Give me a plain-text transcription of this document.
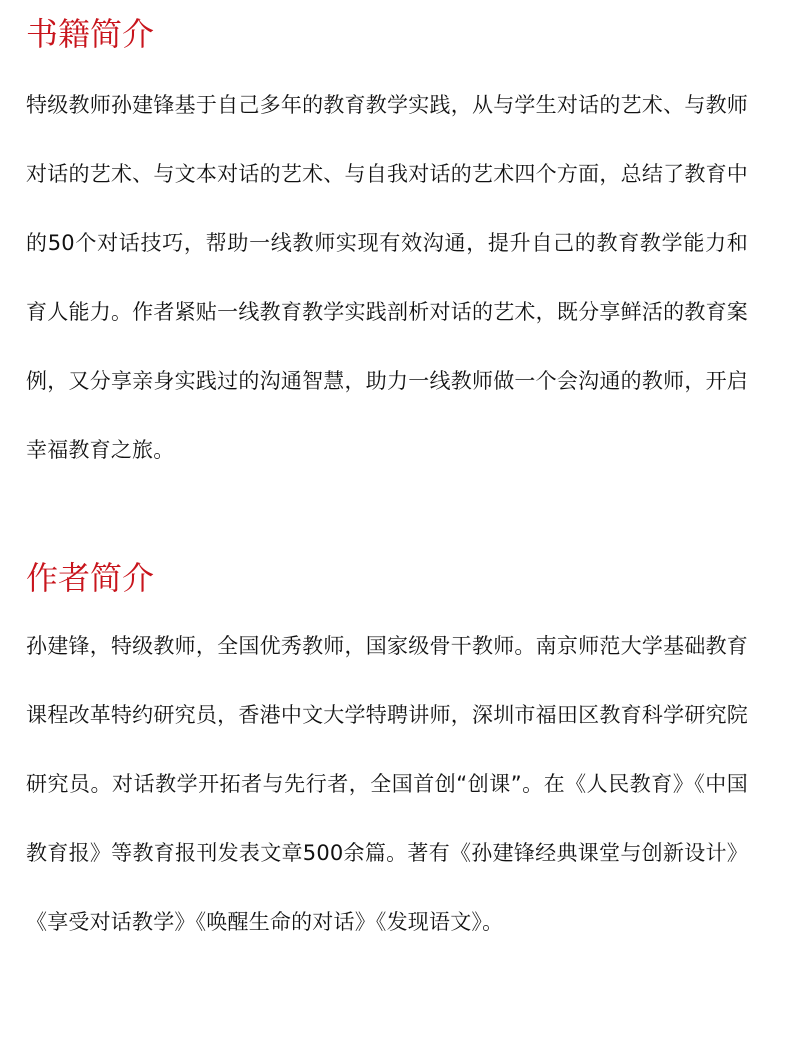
书籍简介

特级教师孙建锋基于自己多年的教育教学实践，从与学生对话的艺术、与教师对话的艺术、与文本对话的艺术、与自我对话的艺术四个方面，总结了教育中的50个对话技巧，帮助一线教师实现有效沟通，提升自己的教育教学能力和育人能力。作者紧贴一线教育教学实践剖析对话的艺术，既分享鲜活的教育案例，又分享亲身实践过的沟通智慧，助力一线教师做一个会沟通的教师，开启幸福教育之旅。

作者简介

孙建锋，特级教师，全国优秀教师，国家级骨干教师。南京师范大学基础教育课程改革特约研究员，香港中文大学特聘讲师，深圳市福田区教育科学研究院研究员。对话教学开拓者与先行者，全国首创“创课”。在《人民教育》《中国教育报》等教育报刊发表文章500余篇。著有《孙建锋经典课堂与创新设计》《享受对话教学》《唤醒生命的对话》《发现语文》。
